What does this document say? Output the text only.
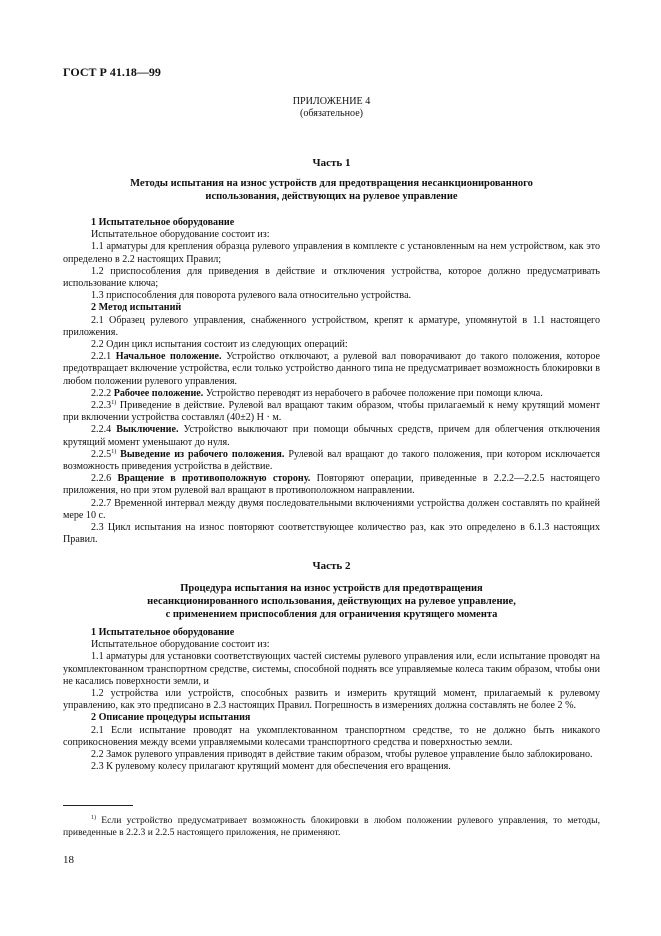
ГОСТ Р 41.18—99

ПРИЛОЖЕНИЕ 4

(обязательное)

Часть 1

Методы испытания на износ устройств для предотвращения несанкционированного использования, действующих на рулевое управление

1 Испытательное оборудование

Испытательное оборудование состоит из:

1.1 арматуры для крепления образца рулевого управления в комплекте с установленным на нем устройством, как это определено в 2.2 настоящих Правил;

1.2 приспособления для приведения в действие и отключения устройства, которое должно предусматривать использование ключа;

1.3 приспособления для поворота рулевого вала относительно устройства.

2 Метод испытаний

2.1 Образец рулевого управления, снабженного устройством, крепят к арматуре, упомянутой в 1.1 настоящего приложения.

2.2 Один цикл испытания состоит из следующих операций:

2.2.1 Начальное положение. Устройство отключают, а рулевой вал поворачивают до такого положения, которое предотвращает включение устройства, если только устройство данного типа не предусматривает возможность блокировки в любом положении рулевого управления.

2.2.2 Рабочее положение. Устройство переводят из нерабочего в рабочее положение при помощи ключа.

2.2.3$^{1)}$ Приведение в действие. Рулевой вал вращают таким образом, чтобы прилагаемый к нему крутящий момент при включении устройства составлял (40±2) Н · м.

2.2.4 Выключение. Устройство выключают при помощи обычных средств, причем для облегчения отключения крутящий момент уменьшают до нуля.

2.2.5$^{1)}$ Выведение из рабочего положения. Рулевой вал вращают до такого положения, при котором исключается возможность приведения устройства в действие.

2.2.6 Вращение в противоположную сторону. Повторяют операции, приведенные в 2.2.2—2.2.5 настоящего приложения, но при этом рулевой вал вращают в противоположном направлении.

2.2.7 Временной интервал между двумя последовательными включениями устройства должен составлять по крайней мере 10 с.

2.3 Цикл испытания на износ повторяют соответствующее количество раз, как это определено в 6.1.3 настоящих Правил.

Часть 2

Процедура испытания на износ устройств для предотвращения

несанкционированного использования, действующих на рулевое управление,

с применением приспособления для ограничения крутящего момента

1 Испытательное оборудование

Испытательное оборудование состоит из:

1.1 арматуры для установки соответствующих частей системы рулевого управления или, если испытание проводят на укомплектованном транспортном средстве, системы, способной поднять все управляемые колеса таким образом, чтобы они не касались поверхности земли, и

1.2 устройства или устройств, способных развить и измерить крутящий момент, прилагаемый к рулевому управлению, как это предписано в 2.3 настоящих Правил. Погрешность в измерениях должна составлять не более 2 %.

2 Описание процедуры испытания

2.1 Если испытание проводят на укомплектованном транспортном средстве, то не должно быть никакого соприкосновения между всеми управляемыми колесами транспортного средства и поверхностью земли.

2.2 Замок рулевого управления приводят в действие таким образом, чтобы рулевое управление было заблокировано.

2.3 К рулевому колесу прилагают крутящий момент для обеспечения его вращения.

$^{1)}$ Если устройство предусматривает возможность блокировки в любом положении рулевого управления, то методы, приведенные в 2.2.3 и 2.2.5 настоящего приложения, не применяют.

18
